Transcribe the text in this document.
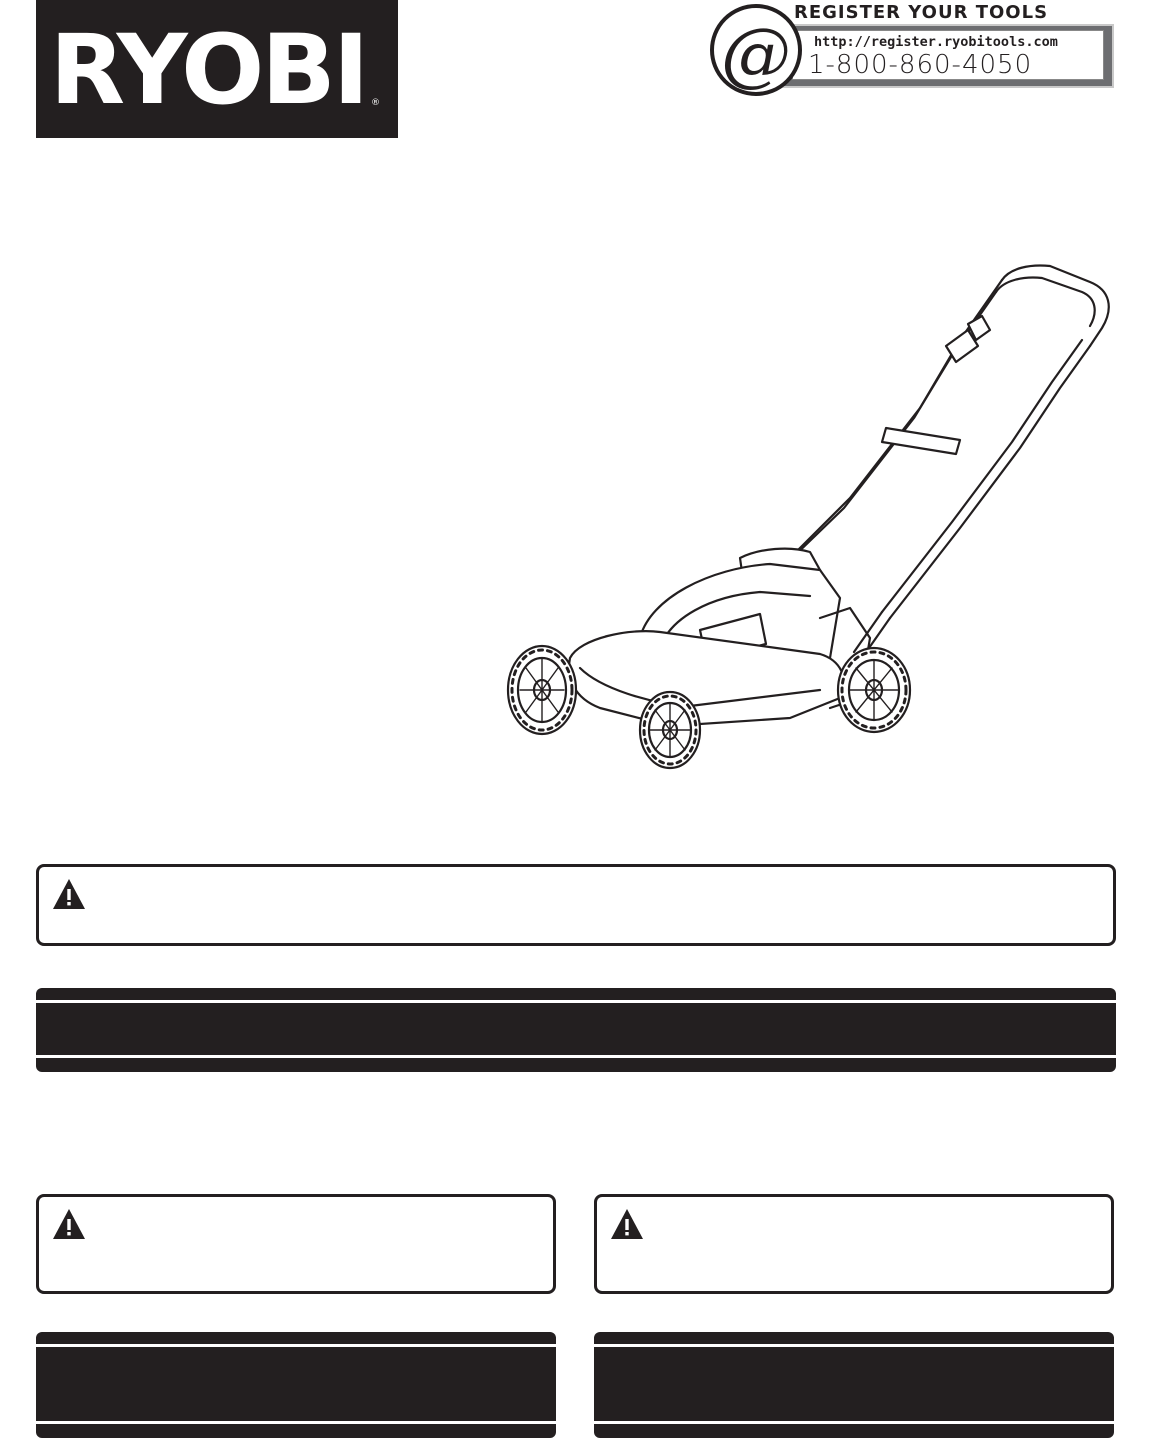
RYOBI ®
REGISTER YOUR TOOLS
http://register.ryobitools.com
1-800-860-4050
@
